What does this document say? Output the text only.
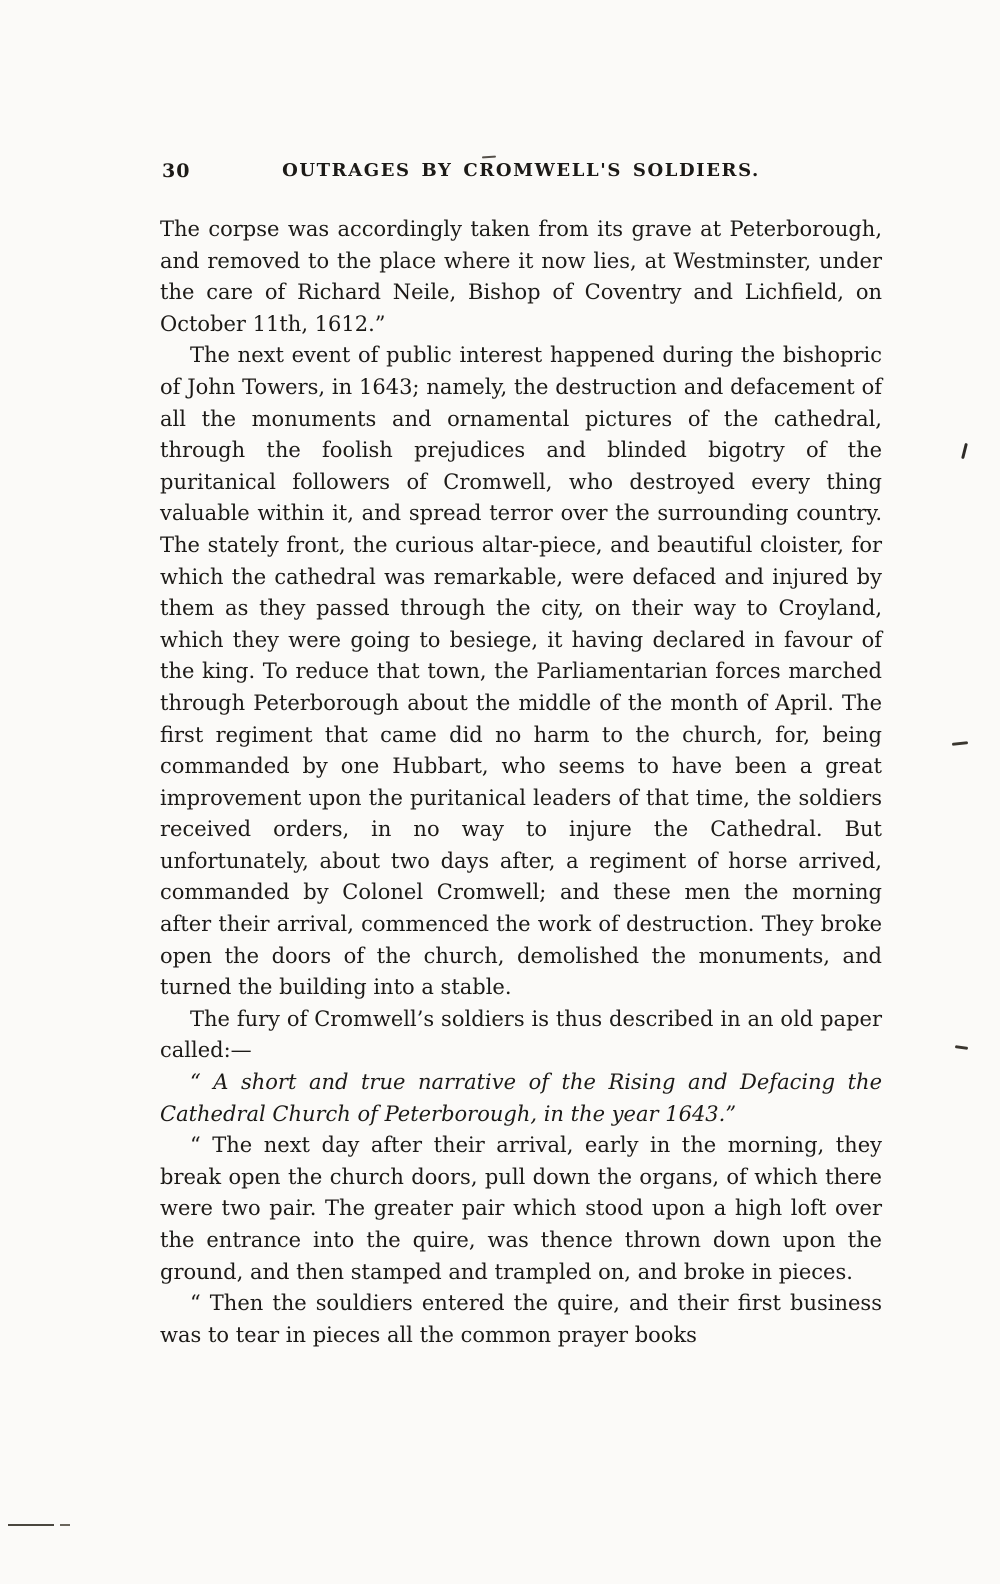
30	OUTRAGES BY CROMWELL'S SOLDIERS.

The corpse was accordingly taken from its grave at Peterborough, and removed to the place where it now lies, at Westminster, under the care of Richard Neile, Bishop of Coventry and Lichfield, on October 11th, 1612.”

The next event of public interest happened during the bishopric of John Towers, in 1643; namely, the destruction and defacement of all the monuments and ornamental pictures of the cathedral, through the foolish prejudices and blinded bigotry of the puritanical followers of Cromwell, who destroyed every thing valuable within it, and spread terror over the surrounding country. The stately front, the curious altar-piece, and beautiful cloister, for which the cathedral was remarkable, were defaced and injured by them as they passed through the city, on their way to Croyland, which they were going to besiege, it having declared in favour of the king. To reduce that town, the Parliamentarian forces marched through Peterborough about the middle of the month of April. The first regiment that came did no harm to the church, for, being commanded by one Hubbart, who seems to have been a great improvement upon the puritanical leaders of that time, the soldiers received orders, in no way to injure the Cathedral. But unfortunately, about two days after, a regiment of horse arrived, commanded by Colonel Cromwell; and these men the morning after their arrival, commenced the work of destruction. They broke open the doors of the church, demolished the monuments, and turned the building into a stable.

The fury of Cromwell’s soldiers is thus described in an old paper called:—

“ A short and true narrative of the Rising and Defacing the Cathedral Church of Peterborough, in the year 1643.”

“ The next day after their arrival, early in the morning, they break open the church doors, pull down the organs, of which there were two pair. The greater pair which stood upon a high loft over the entrance into the quire, was thence thrown down upon the ground, and then stamped and trampled on, and broke in pieces.

“ Then the souldiers entered the quire, and their first business was to tear in pieces all the common prayer books
